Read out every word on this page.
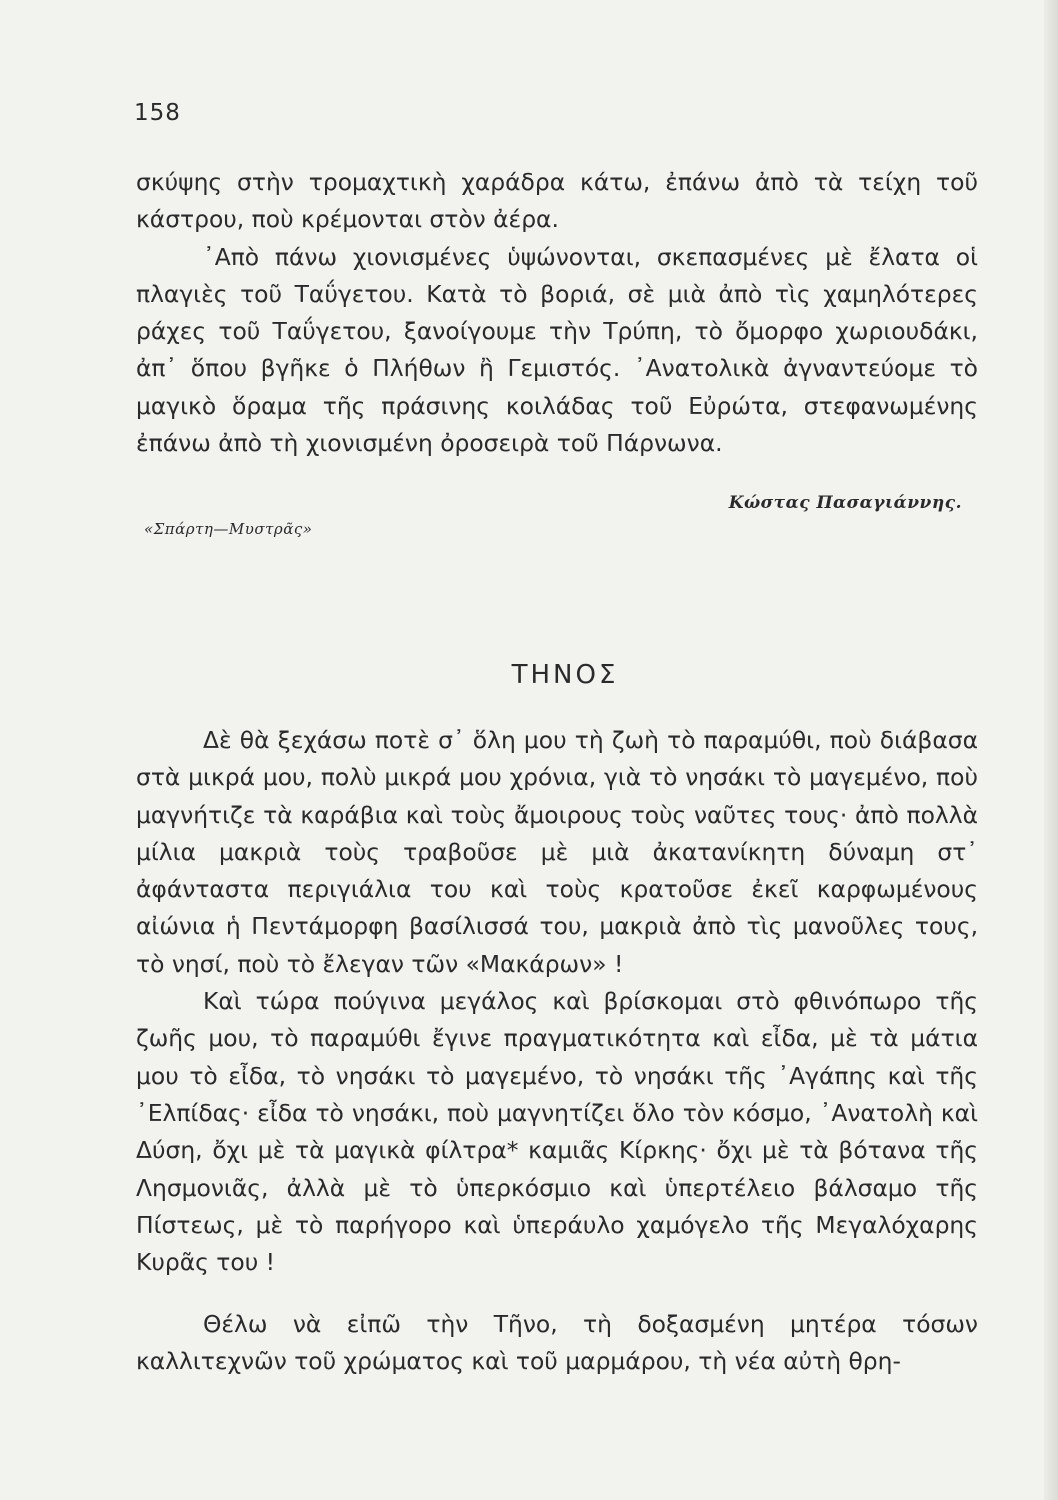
158

σκύψης στὴν τρομαχτικὴ χαράδρα κάτω, ἐπάνω ἀπὸ τὰ τείχη τοῦ κάστρου, ποὺ κρέμονται στὸν ἀέρα.

᾽Απὸ πάνω χιονισμένες ὑψώνονται, σκεπασμένες μὲ ἔλατα οἱ πλαγιὲς τοῦ Ταΰγετου. Κατὰ τὸ βοριά, σὲ μιὰ ἀπὸ τὶς χαμηλότερες ράχες τοῦ Ταΰγετου, ξανοίγουμε τὴν Τρύπη, τὸ ὄμορφο χωριουδάκι, ἀπ᾽ ὅπου βγῆκε ὁ Πλήθων ἢ Γεμιστός. ᾽Ανατολικὰ ἀγναντεύομε τὸ μαγικὸ ὅραμα τῆς πράσινης κοιλάδας τοῦ Εὐρώτα, στεφανωμένης ἐπάνω ἀπὸ τὴ χιονισμένη ὀροσειρὰ τοῦ Πάρνωνα.

Κώστας Πασαγιάννης.
«Σπάρτη—Μυστρᾶς»
ΤΗΝΟΣ

Δὲ θὰ ξεχάσω ποτὲ σ᾽ ὅλη μου τὴ ζωὴ τὸ παραμύθι, ποὺ διάβασα στὰ μικρά μου, πολὺ μικρά μου χρόνια, γιὰ τὸ νησάκι τὸ μαγεμένο, ποὺ μαγνήτιζε τὰ καράβια καὶ τοὺς ἄμοιρους τοὺς ναῦτες τους· ἀπὸ πολλὰ μίλια μακριὰ τοὺς τραβοῦσε μὲ μιὰ ἀκατανίκητη δύναμη στ᾽ ἀφάνταστα περιγιάλια του καὶ τοὺς κρατοῦσε ἐκεῖ καρφωμένους αἰώνια ἡ Πεντάμορφη βασίλισσά του, μακριὰ ἀπὸ τὶς μανοῦλες τους, τὸ νησί, ποὺ τὸ ἔλεγαν τῶν «Μακάρων» !

Καὶ τώρα πούγινα μεγάλος καὶ βρίσκομαι στὸ φθινόπωρο τῆς ζωῆς μου, τὸ παραμύθι ἔγινε πραγματικότητα καὶ εἶδα, μὲ τὰ μάτια μου τὸ εἶδα, τὸ νησάκι τὸ μαγεμένο, τὸ νησάκι τῆς ᾽Αγάπης καὶ τῆς ᾽Ελπίδας· εἶδα τὸ νησάκι, ποὺ μαγνητίζει ὅλο τὸν κόσμο, ᾽Ανατολὴ καὶ Δύση, ὄχι μὲ τὰ μαγικὰ φίλτρα* καμιᾶς Κίρκης· ὄχι μὲ τὰ βότανα τῆς Λησμονιᾶς, ἀλλὰ μὲ τὸ ὑπερκόσμιο καὶ ὑπερτέλειο βάλσαμο τῆς Πίστεως, μὲ τὸ παρήγορο καὶ ὑπεράυλο χαμόγελο τῆς Μεγαλόχαρης Κυρᾶς του !

Θέλω νὰ εἰπῶ τὴν Τῆνο, τὴ δοξασμένη μητέρα τόσων καλλιτεχνῶν τοῦ χρώματος καὶ τοῦ μαρμάρου, τὴ νέα αὐτὴ θρη-
